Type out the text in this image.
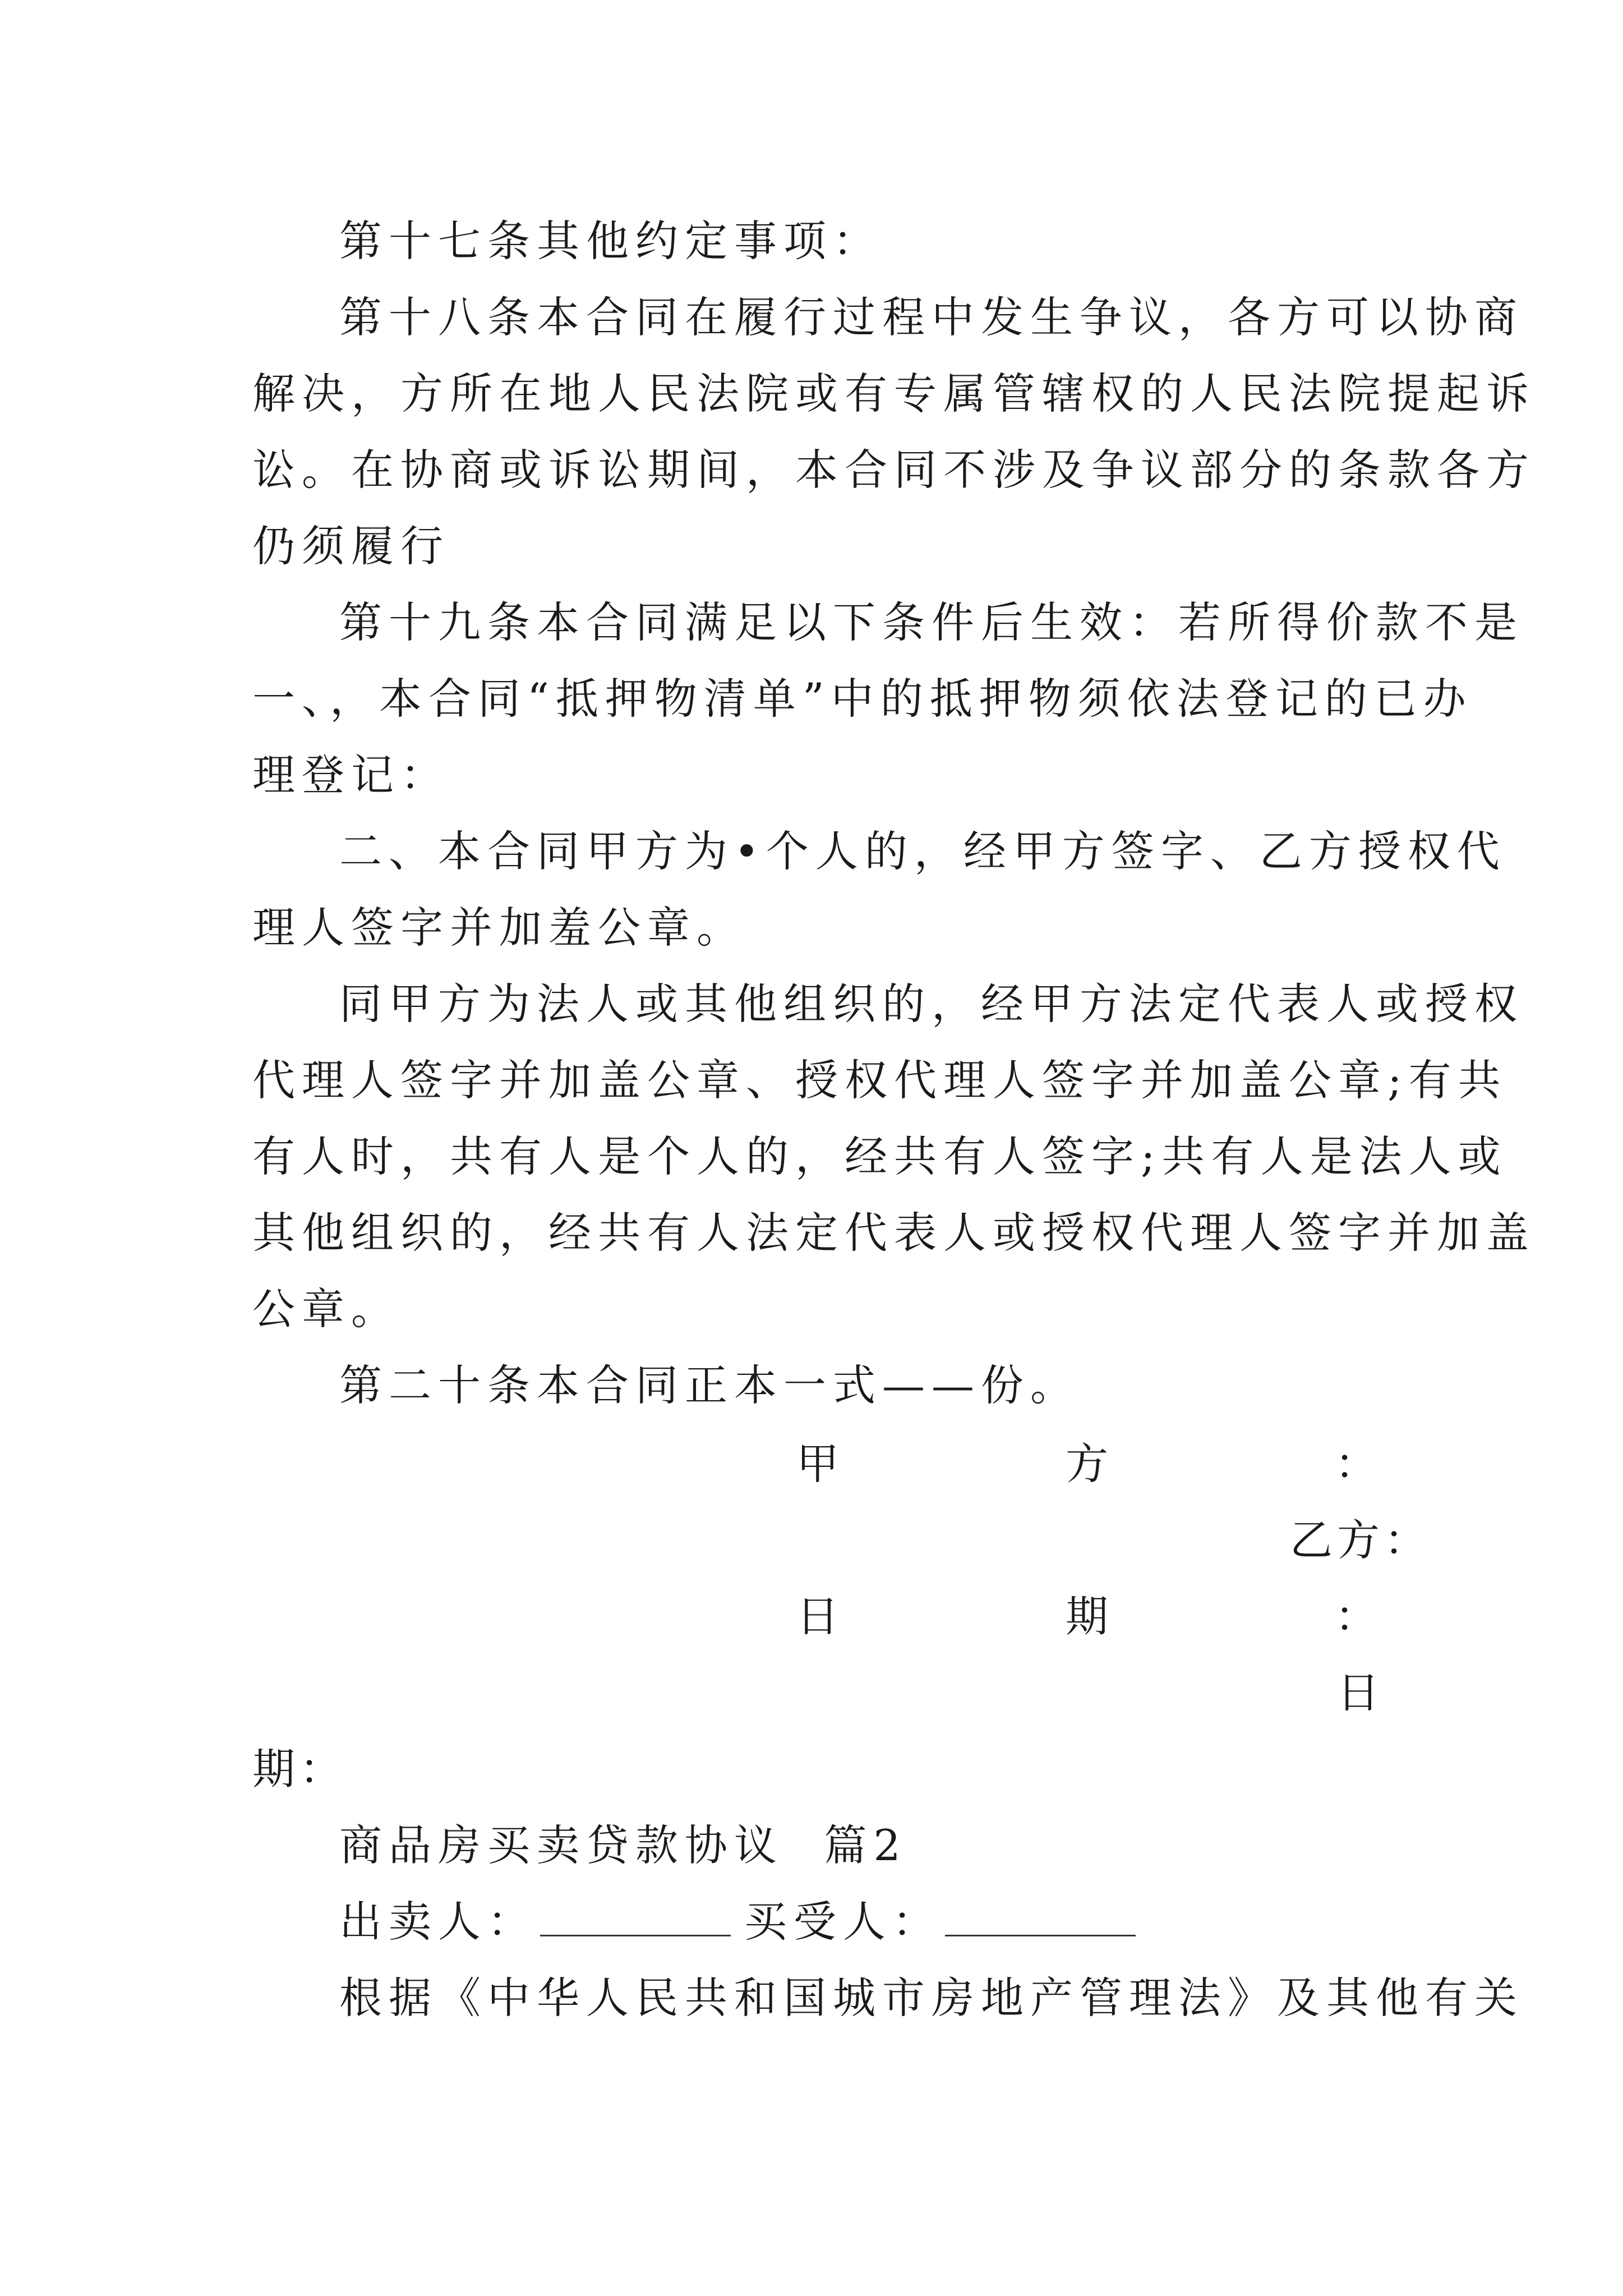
第十七条其他约定事项：
第十八条本合同在履行过程中发生争议，各方可以协商
解决，方所在地人民法院或有专属管辖权的人民法院提起诉
讼。在协商或诉讼期间，本合同不涉及争议部分的条款各方
仍须履行
第十九条本合同满足以下条件后生效：若所得价款不是
一、，本合同“抵押物清单”中的抵押物须依法登记的已办
理登记：
二、本合同甲方为•个人的，经甲方签字、乙方授权代
理人签字并加羞公章。
同甲方为法人或其他组织的，经甲方法定代表人或授权
代理人签字并加盖公章、授权代理人签字并加盖公章;有共
有人时，共有人是个人的，经共有人签字;共有人是法人或
其他组织的，经共有人法定代表人或授权代理人签字并加盖
公章。
第二十条本合同正本一式——份。
甲	方	：
乙方：
日	期	：
日
期：
商品房买卖贷款协议  篇2
出卖人：	买受人：
根据《中华人民共和国城市房地产管理法》及其他有关
